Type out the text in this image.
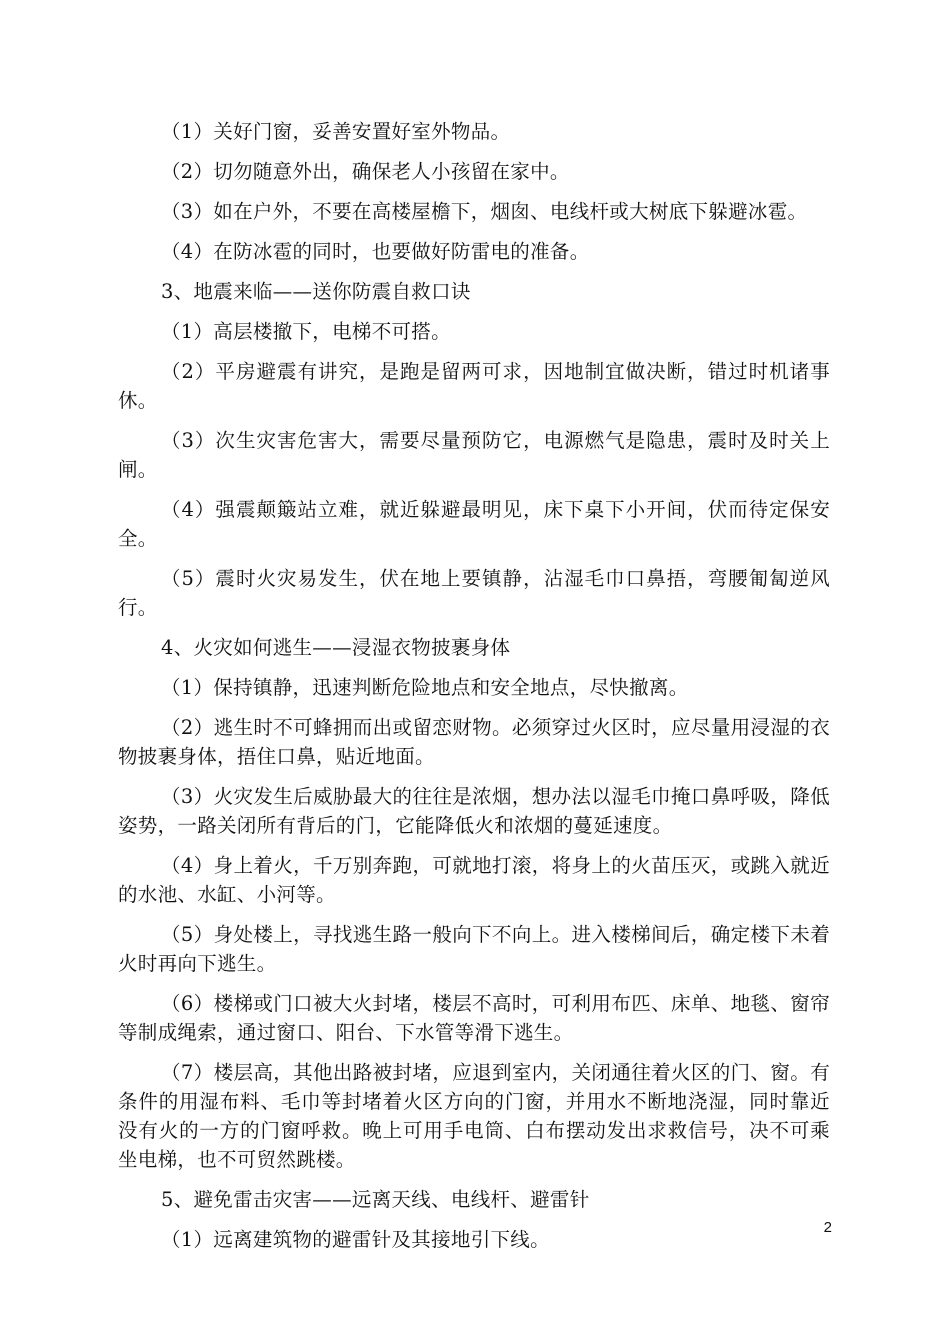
（1）关好门窗，妥善安置好室外物品。

（2）切勿随意外出，确保老人小孩留在家中。

（3）如在户外，不要在高楼屋檐下，烟囱、电线杆或大树底下躲避冰雹。

（4）在防冰雹的同时，也要做好防雷电的准备。

3、地震来临——送你防震自救口诀

（1）高层楼撤下，电梯不可搭。

（2）平房避震有讲究，是跑是留两可求，因地制宜做决断，错过时机诸事休。

（3）次生灾害危害大，需要尽量预防它，电源燃气是隐患，震时及时关上闸。

（4）强震颠簸站立难，就近躲避最明见，床下桌下小开间，伏而待定保安全。

（5）震时火灾易发生，伏在地上要镇静，沾湿毛巾口鼻捂，弯腰匍匐逆风行。

4、火灾如何逃生——浸湿衣物披裹身体

（1）保持镇静，迅速判断危险地点和安全地点，尽快撤离。

（2）逃生时不可蜂拥而出或留恋财物。必须穿过火区时，应尽量用浸湿的衣物披裹身体，捂住口鼻，贴近地面。

（3）火灾发生后威胁最大的往往是浓烟，想办法以湿毛巾掩口鼻呼吸，降低姿势，一路关闭所有背后的门，它能降低火和浓烟的蔓延速度。

（4）身上着火，千万别奔跑，可就地打滚，将身上的火苗压灭，或跳入就近的水池、水缸、小河等。

（5）身处楼上，寻找逃生路一般向下不向上。进入楼梯间后，确定楼下未着火时再向下逃生。

（6）楼梯或门口被大火封堵，楼层不高时，可利用布匹、床单、地毯、窗帘等制成绳索，通过窗口、阳台、下水管等滑下逃生。

（7）楼层高，其他出路被封堵，应退到室内，关闭通往着火区的门、窗。有条件的用湿布料、毛巾等封堵着火区方向的门窗，并用水不断地浇湿，同时靠近没有火的一方的门窗呼救。晚上可用手电筒、白布摆动发出求救信号，决不可乘坐电梯，也不可贸然跳楼。

5、避免雷击灾害——远离天线、电线杆、避雷针

（1）远离建筑物的避雷针及其接地引下线。

2
